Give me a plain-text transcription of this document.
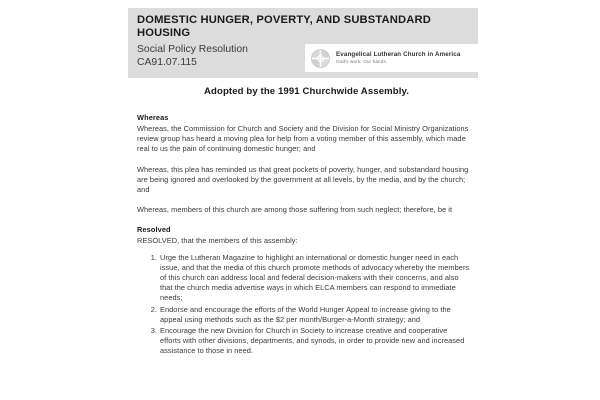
DOMESTIC HUNGER, POVERTY, AND SUBSTANDARD HOUSING
Social Policy Resolution
CA91.07.115
Evangelical Lutheran Church in America
God's work. Our hands.
Adopted by the 1991 Churchwide Assembly.
Whereas

Whereas, the Commission for Church and Society and the Division for Social Ministry Organizations review group has heard a moving plea for help from a voting member of this assembly, which made real to us the pain of continuing domestic hunger; and

Whereas, this plea has reminded us that great pockets of poverty, hunger, and substandard housing are being ignored and overlooked by the government at all levels, by the media, and by the church; and

Whereas, members of this church are among those suffering from such neglect; therefore, be it

Resolved
RESOLVED, that the members of this assembly:
Urge the Lutheran Magazine to highlight an international or domestic hunger need in each issue, and that the media of this church promote methods of advocacy whereby the members of this church can address local and federal decision-makers with their concerns, and also that the church media advertise ways in which ELCA members can respond to immediate needs;
Endorse and encourage the efforts of the World Hunger Appeal to increase giving to the appeal using methods such as the $2 per month/Burger-a-Month strategy; and
Encourage the new Division for Church in Society to increase creative and cooperative efforts with other divisions, departments, and synods, in order to provide new and increased assistance to those in need.
